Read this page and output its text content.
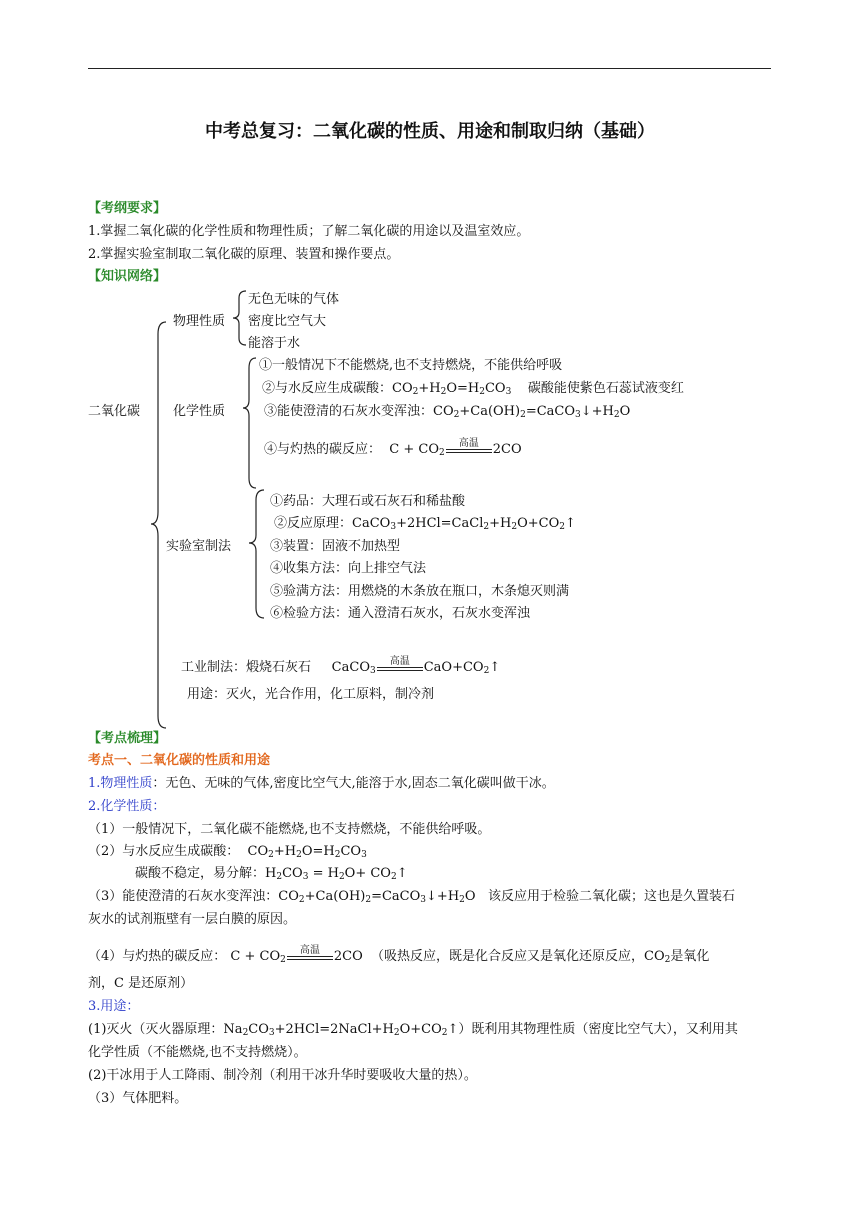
中考总复习：二氧化碳的性质、用途和制取归纳（基础）
【考纲要求】
1.掌握二氧化碳的化学性质和物理性质；了解二氧化碳的用途以及温室效应。
2.掌握实验室制取二氧化碳的原理、装置和操作要点。
【知识网络】
二氧化碳
物理性质
无色无味的气体
密度比空气大
能溶于水
化学性质
①一般情况下不能燃烧,也不支持燃烧，不能供给呼吸
②与水反应生成碳酸：$CO_2+H_2O=H_2CO_3$ 碳酸能使紫色石蕊试液变红
③能使澄清的石灰水变浑浊：$CO_2+Ca(OH)_2=CaCO_3↓+H_2O$
④与灼热的碳反应：  $C + CO_2$
高温	2CO
实验室制法
①药品：大理石或石灰石和稀盐酸
②反应原理：$CaCO_3+2HCl=CaCl_2+H_2O+CO_2↑$
③装置：固液不加热型
④收集方法：向上排空气法
⑤验满方法：用燃烧的木条放在瓶口，木条熄灭则满
⑥检验方法：通入澄清石灰水，石灰水变浑浊
工业制法：煅烧石灰石     CaCO$_3$
高温	$CaO+CO_2↑$
用途：灭火，光合作用，化工原料，制冷剂
【考点梳理】
考点一、二氧化碳的性质和用途
1.物理性质：无色、无味的气体,密度比空气大,能溶于水,固态二氧化碳叫做干冰。
2.化学性质：
（1）一般情况下，二氧化碳不能燃烧,也不支持燃烧，不能供给呼吸。
（2）与水反应生成碳酸：  $CO_2+H_2O=H_2CO_3$
碳酸不稳定，易分解：$H_2CO_3 = H_2O+$ $CO_2↑$
（3）能使澄清的石灰水变浑浊：$CO_2+Ca(OH)_2=CaCO_3↓+H_2O$   该反应用于检验二氧化碳；这也是久置装石
灰水的试剂瓶壁有一层白膜的原因。
（4）与灼热的碳反应： $C + CO_2$
高温	2CO  （吸热反应，既是化合反应又是氧化还原反应，$CO_2$是氧化
剂，C 是还原剂）
3.用途：
(1)灭火（灭火器原理：$Na_2CO_3+2HCl=2NaCl+H_2O+CO_2↑$）既利用其物理性质（密度比空气大），又利用其
化学性质（不能燃烧,也不支持燃烧）。
(2)干冰用于人工降雨、制冷剂（利用干冰升华时要吸收大量的热）。
（3）气体肥料。
